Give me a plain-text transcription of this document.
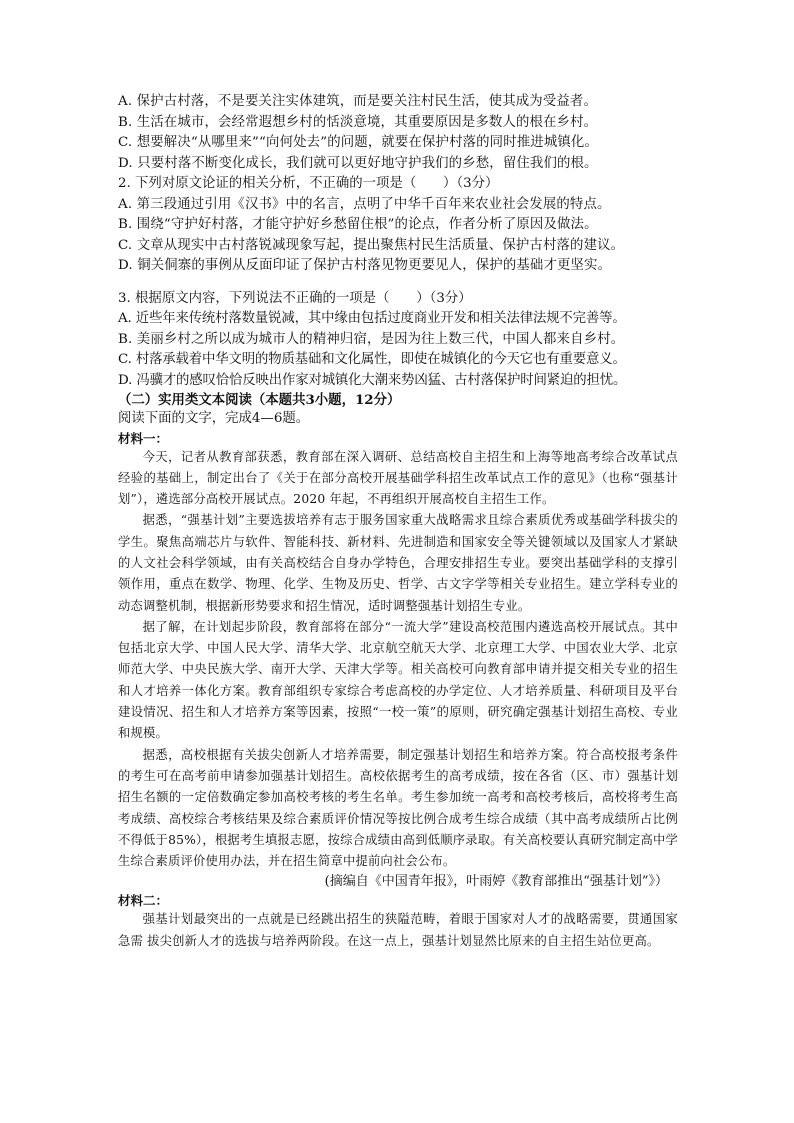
A. 保护古村落，不是要关注实体建筑，而是要关注村民生活，使其成为受益者。
B. 生活在城市，会经常遐想乡村的恬淡意境，其重要原因是多数人的根在乡村。
C. 想要解决“从哪里来”“向何处去”的问题，就要在保护村落的同时推进城镇化。
D. 只要村落不断变化成长，我们就可以更好地守护我们的乡愁，留住我们的根。
2. 下列对原文论证的相关分析，不正确的一项是（　　）（3分）
A. 第三段通过引用《汉书》中的名言，点明了中华千百年来农业社会发展的特点。
B. 围绕“守护好村落，才能守护好乡愁留住根”的论点，作者分析了原因及做法。
C. 文章从现实中古村落锐减现象写起，提出聚焦村民生活质量、保护古村落的建议。
D. 铜关侗寨的事例从反面印证了保护古村落见物更要见人，保护的基础才更坚实。
3. 根据原文内容，下列说法不正确的一项是（　　）（3分）
A. 近些年来传统村落数量锐减，其中缘由包括过度商业开发和相关法律法规不完善等。
B. 美丽乡村之所以成为城市人的精神归宿，是因为往上数三代，中国人都来自乡村。
C. 村落承载着中华文明的物质基础和文化属性，即使在城镇化的今天它也有重要意义。
D. 冯骥才的感叹恰恰反映出作家对城镇化大潮来势凶猛、古村落保护时间紧迫的担忧。
（二）实用类文本阅读（本题共3小题，12分）
阅读下面的文字，完成4—6题。
材料一：

今天，记者从教育部获悉，教育部在深入调研、总结高校自主招生和上海等地高考综合改革试点经验的基础上，制定出台了《关于在部分高校开展基础学科招生改革试点工作的意见》（也称“强基计划”），遴选部分高校开展试点。2020 年起，不再组织开展高校自主招生工作。

据悉，“强基计划”主要选拔培养有志于服务国家重大战略需求且综合素质优秀或基础学科拔尖的学生。聚焦高端芯片与软件、智能科技、新材料、先进制造和国家安全等关键领域以及国家人才紧缺的人文社会科学领域，由有关高校结合自身办学特色，合理安排招生专业。要突出基础学科的支撑引领作用，重点在数学、物理、化学、生物及历史、哲学、古文字学等相关专业招生。建立学科专业的动态调整机制，根据新形势要求和招生情况，适时调整强基计划招生专业。

据了解，在计划起步阶段，教育部将在部分“一流大学”建设高校范围内遴选高校开展试点。其中包括北京大学、中国人民大学、清华大学、北京航空航天大学、北京理工大学、中国农业大学、北京师范大学、中央民族大学、南开大学、天津大学等。相关高校可向教育部申请并提交相关专业的招生和人才培养一体化方案。教育部组织专家综合考虑高校的办学定位、人才培养质量、科研项目及平台建设情况、招生和人才培养方案等因素，按照“一校一策”的原则，研究确定强基计划招生高校、专业和规模。

据悉，高校根据有关拔尖创新人才培养需要，制定强基计划招生和培养方案。符合高校报考条件的考生可在高考前申请参加强基计划招生。高校依据考生的高考成绩，按在各省（区、市）强基计划招生名额的一定倍数确定参加高校考核的考生名单。考生参加统一高考和高校考核后，高校将考生高考成绩、高校综合考核结果及综合素质评价情况等按比例合成考生综合成绩（其中高考成绩所占比例不得低于85%），根据考生填报志愿，按综合成绩由高到低顺序录取。有关高校要认真研究制定高中学生综合素质评价使用办法，并在招生简章中提前向社会公布。

(摘编自《中国青年报》，叶雨婷《教育部推出“强基计划”》）
材料二：

强基计划最突出的一点就是已经跳出招生的狭隘范畴，着眼于国家对人才的战略需要，贯通国家急需 拔尖创新人才的选拔与培养两阶段。在这一点上，强基计划显然比原来的自主招生站位更高。
